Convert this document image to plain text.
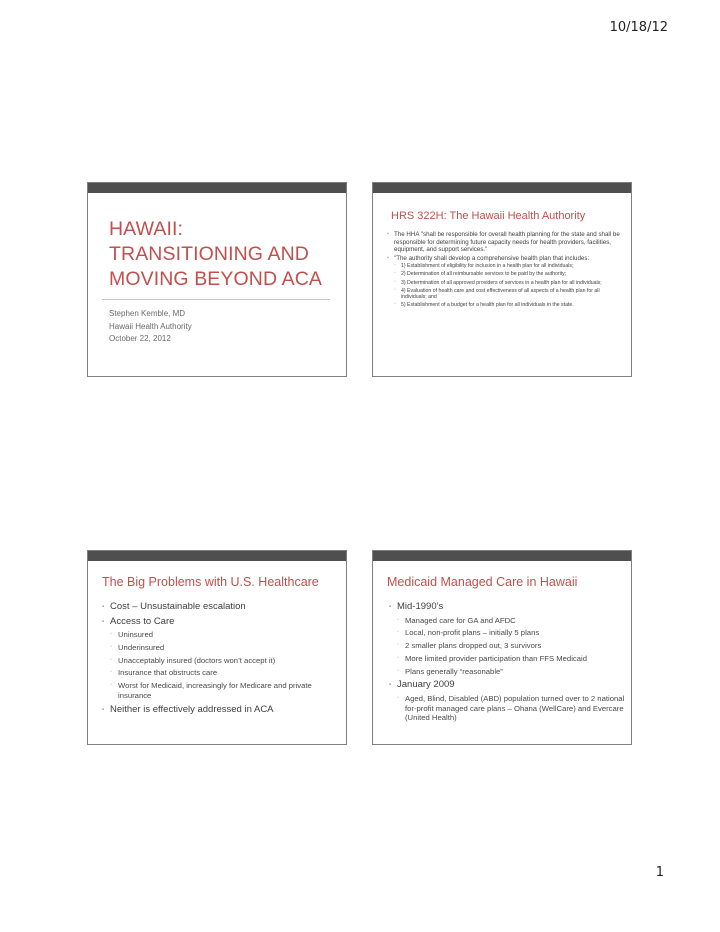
10/18/12
HAWAII: TRANSITIONING AND MOVING BEYOND ACA
Stephen Kemble, MD
Hawaii Health Authority
October 22, 2012
HRS 322H: The Hawaii Health Authority
▪ The HHA "shall be responsible for overall health planning for the state and shall be responsible for determining future capacity needs for health providers, facilities, equipment, and support services."
▪ "The authority shall develop a comprehensive health plan that includes:
◦ 1) Establishment of eligibility for inclusion in a health plan for all individuals;
◦ 2) Determination of all reimbursable services to be paid by the authority;
◦ 3) Determination of all approved providers of services in a health plan for all individuals;
◦ 4) Evaluation of health care and cost effectiveness of all aspects of a health plan for all individuals; and
◦ 5) Establishment of a budget for a health plan for all individuals in the state.
The Big Problems with U.S. Healthcare
▪ Cost – Unsustainable escalation
▪ Access to Care
◦ Uninsured
◦ Underinsured
◦ Unacceptably insured (doctors won’t accept it)
◦ Insurance that obstructs care
◦ Worst for Medicaid, increasingly for Medicare and private insurance
▪ Neither is effectively addressed in ACA
Medicaid Managed Care in Hawaii
▪ Mid-1990’s
◦ Managed care for GA and AFDC
◦ Local, non-profit plans – initially 5 plans
◦ 2 smaller plans dropped out, 3 survivors
◦ More limited provider participation than FFS Medicaid
◦ Plans generally “reasonable”
▪ January 2009
◦ Aged, Blind, Disabled (ABD) population turned over to 2 national for-profit managed care plans – Ohana (WellCare) and Evercare (United Health)
1
